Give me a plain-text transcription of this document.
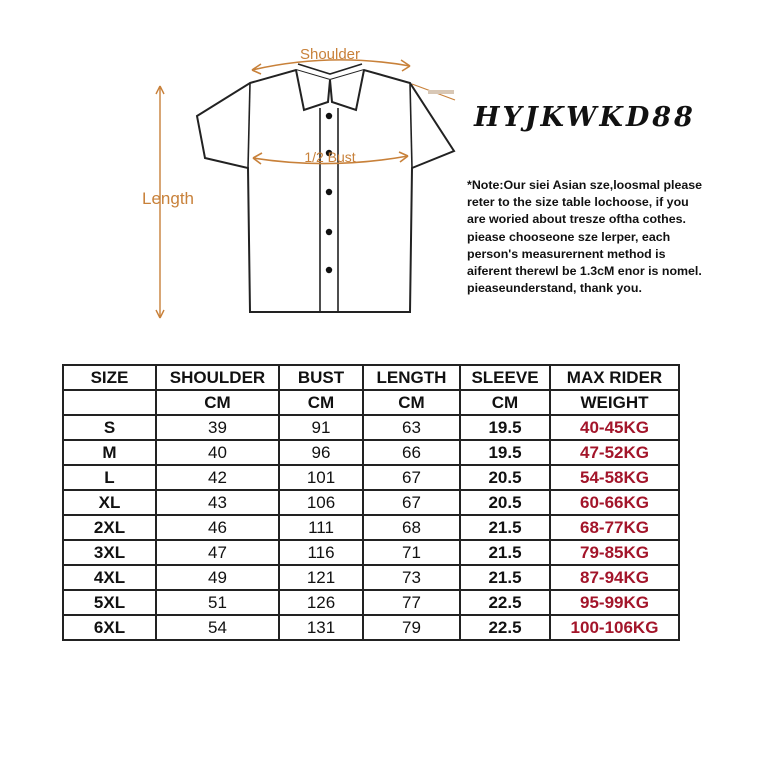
Shoulder
1/2 Bust
Length
HYJKWKD88
*Note:Our siei Asian sze,loosmal please
reter to the size table lochoose, if you
are woried about tresze oftha cothes.
piease chooseone sze lerper, each
person's measurernent method is
aiferent therewl be 1.3cM enor is nomel.
pieaseunderstand, thank you.
SIZE	SHOULDER	BUST	LENGTH	SLEEVE	MAX RIDER
	CM	CM	CM	CM	WEIGHT
S	39	91	63	19.5	40-45KG
M	40	96	66	19.5	47-52KG
L	42	101	67	20.5	54-58KG
XL	43	106	67	20.5	60-66KG
2XL	46	111	68	21.5	68-77KG
3XL	47	116	71	21.5	79-85KG
4XL	49	121	73	21.5	87-94KG
5XL	51	126	77	22.5	95-99KG
6XL	54	131	79	22.5	100-106KG
